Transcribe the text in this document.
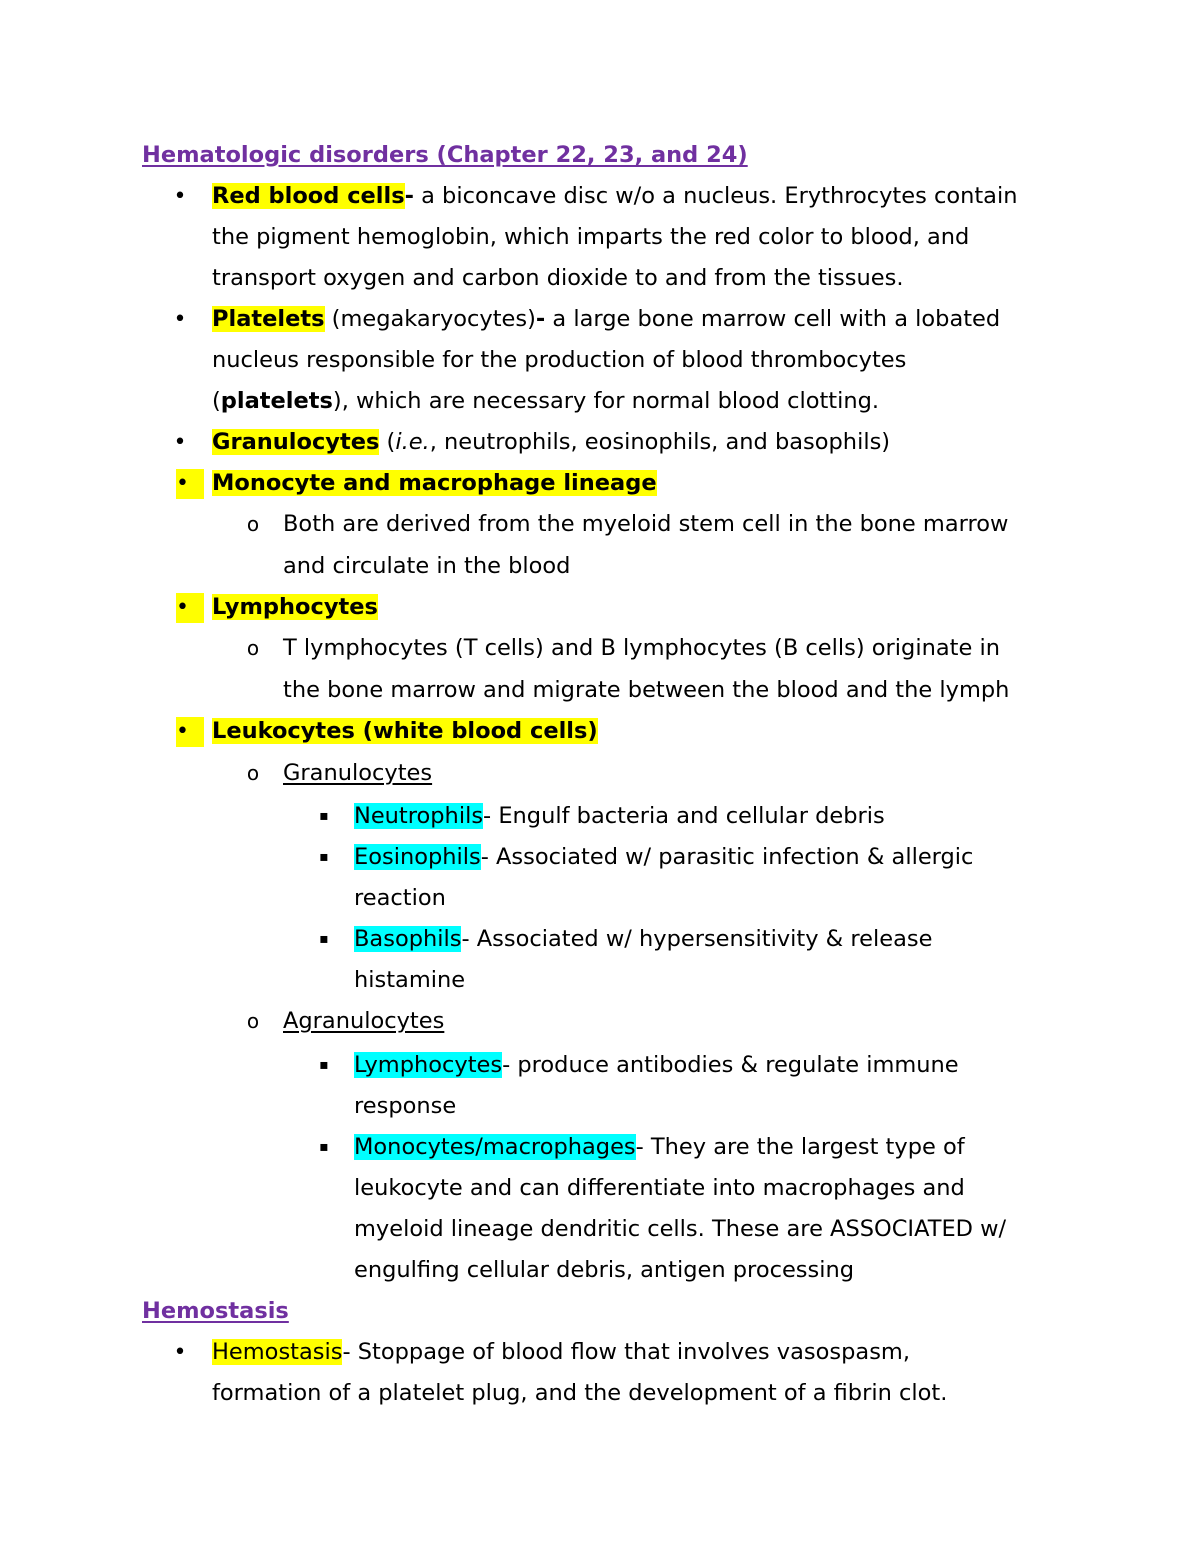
Hematologic disorders (Chapter 22, 23, and 24)
• Red blood cells- a biconcave disc w/o a nucleus. Erythrocytes contain
the pigment hemoglobin, which imparts the red color to blood, and
transport oxygen and carbon dioxide to and from the tissues.
• Platelets (megakaryocytes)- a large bone marrow cell with a lobated
nucleus responsible for the production of blood thrombocytes
(platelets), which are necessary for normal blood clotting.
• Granulocytes (i.e., neutrophils, eosinophils, and basophils)
•	Monocyte and macrophage lineage
o Both are derived from the myeloid stem cell in the bone marrow
and circulate in the blood
•	Lymphocytes
o T lymphocytes (T cells) and B lymphocytes (B cells) originate in
the bone marrow and migrate between the blood and the lymph
•	Leukocytes (white blood cells)
o Granulocytes
▪ Neutrophils- Engulf bacteria and cellular debris
▪ Eosinophils- Associated w/ parasitic infection & allergic
reaction
▪ Basophils- Associated w/ hypersensitivity & release
histamine
o Agranulocytes
▪ Lymphocytes- produce antibodies & regulate immune
response
▪ Monocytes/macrophages- They are the largest type of
leukocyte and can differentiate into macrophages and
myeloid lineage dendritic cells. These are ASSOCIATED w/
engulfing cellular debris, antigen processing
Hemostasis
• Hemostasis- Stoppage of blood flow that involves vasospasm,
formation of a platelet plug, and the development of a fibrin clot.
